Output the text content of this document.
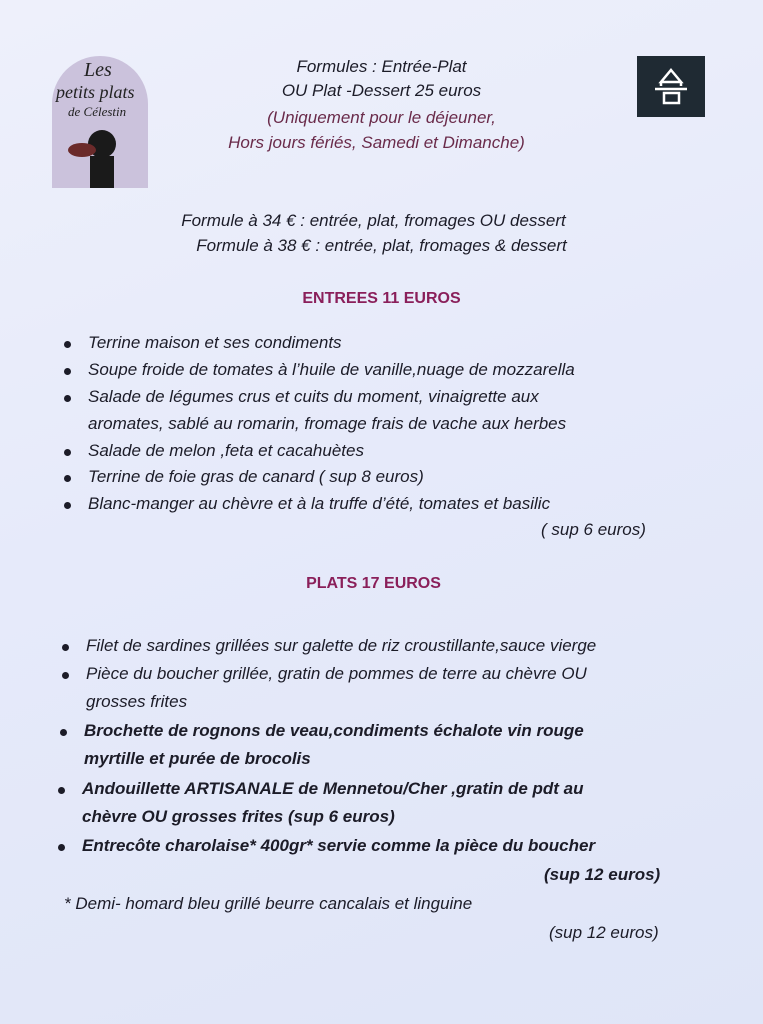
Les
petits plats
de Célestin
Formules : Entrée-Plat
OU Plat -Dessert 25 euros
(Uniquement pour le déjeuner,
Hors jours fériés, Samedi et Dimanche)
Formule à 34 € : entrée, plat, fromages OU dessert
Formule à 38 € : entrée, plat, fromages & dessert
ENTREES 11 EUROS
Terrine maison et ses condiments
Soupe froide de tomates à l’huile de vanille,nuage de mozzarella
Salade de légumes crus et cuits du moment, vinaigrette aux
aromates, sablé au romarin, fromage frais de vache aux herbes
Salade de melon ,feta et cacahuètes
Terrine de foie gras de canard ( sup 8 euros)
Blanc-manger au chèvre et à la truffe d’été, tomates et basilic
( sup 6 euros)
Filet de sardines grillées sur galette de riz croustillante,sauce vierge
Pièce du boucher grillée, gratin de pommes de terre au chèvre OU
grosses frites
Brochette de rognons de veau,condiments échalote vin rouge
myrtille et purée de brocolis
Andouillette ARTISANALE de Mennetou/Cher ,gratin de pdt au
chèvre OU grosses frites (sup 6 euros)
Entrecôte charolaise* 400gr* servie comme la pièce du boucher
(sup 12 euros)
PLATS 17 EUROS
* Demi- homard bleu grillé beurre cancalais et linguine
(sup 12 euros)
